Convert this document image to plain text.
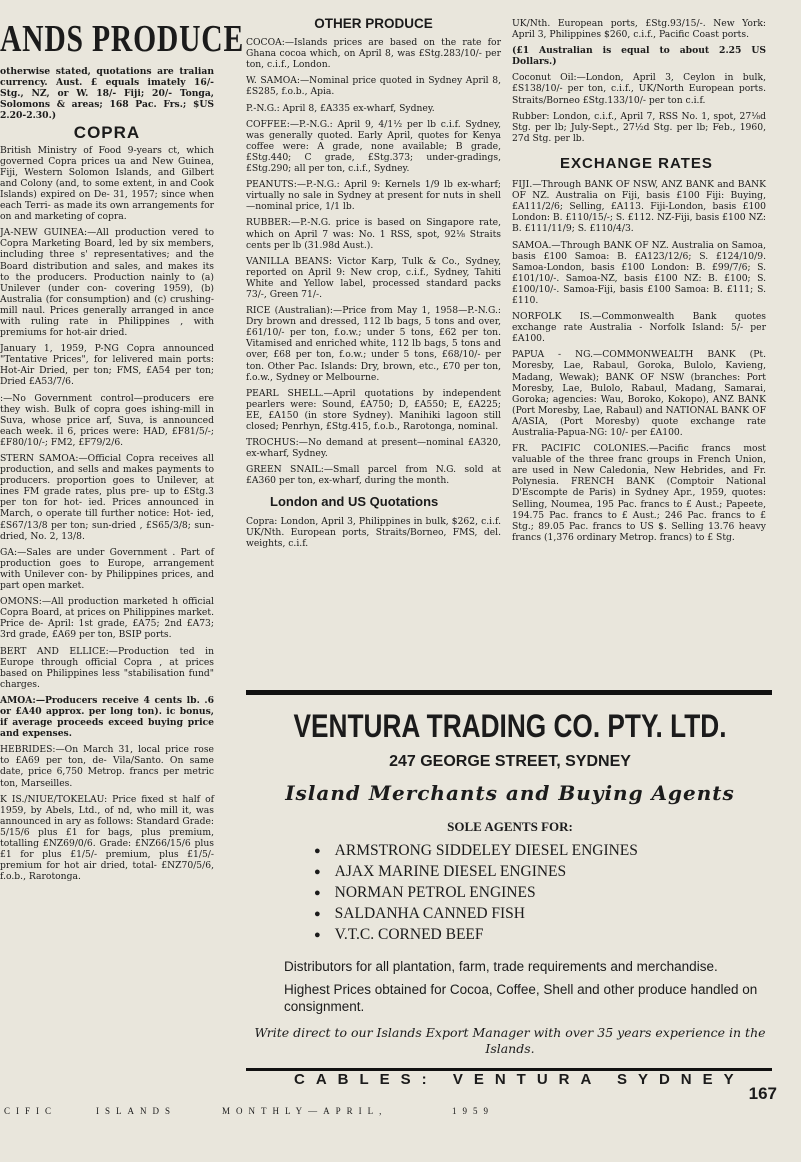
ANDS PRODUCE

otherwise stated, quotations are tralian currency. Aust. £ equals imately 16/- Stg., NZ, or W. 18/- Fiji; 20/- Tonga, Solomons & areas; 168 Pac. Frs.; $US 2.20-2.30.)

COPRA

British Ministry of Food 9-years ct, which governed Copra prices ua and New Guinea, Fiji, Western Solomon Islands, and Gilbert and Colony (and, to some extent, in and Cook Islands) expired on De- 31, 1957; since when each Terri- as made its own arrangements for on and marketing of copra.

JA-NEW GUINEA:—All production vered to Copra Marketing Board, led by six members, including three s' representatives; and the Board distribution and sales, and makes its to the producers. Production nainly to (a) Unilever (under con- covering 1959), (b) Australia (for consumption) and (c) crushing-mill naul. Prices generally arranged in ance with ruling rate in Philippines , with premiums for hot-air dried.

January 1, 1959, P-NG Copra announced "Tentative Prices", for lelivered main ports: Hot-Air Dried, per ton; FMS, £A54 per ton; Dried £A53/7/6.

:—No Government control—producers ere they wish. Bulk of copra goes ishing-mill in Suva, whose price arf, Suva, is announced each week. il 6, prices were: HAD, £F81/5/-; £F80/10/-; FM2, £F79/2/6.

STERN SAMOA:—Official Copra receives all production, and sells and makes payments to producers. proportion goes to Unilever, at ines FM grade rates, plus pre- up to £Stg.3 per ton for hot- ied. Prices announced in March, o operate till further notice: Hot- ied, £S67/13/8 per ton; sun-dried , £S65/3/8; sun-dried, No. 2, 13/8.

GA:—Sales are under Government . Part of production goes to Europe, arrangement with Unilever con- by Philippines prices, and part open market.

OMONS:—All production marketed h official Copra Board, at prices on Philippines market. Price de- April: 1st grade, £A75; 2nd £A73; 3rd grade, £A69 per ton, BSIP ports.

BERT AND ELLICE:—Production ted in Europe through official Copra , at prices based on Philippines less "stabilisation fund" charges.

AMOA:—Producers receive 4 cents lb. .6 or £A40 approx. per long ton). ic bonus, if average proceeds exceed buying price and expenses.

HEBRIDES:—On March 31, local price rose to £A69 per ton, de- Vila/Santo. On same date, price 6,750 Metrop. francs per metric ton, Marseilles.

K IS./NIUE/TOKELAU: Price fixed st half of 1959, by Abels, Ltd., of nd, who mill it, was announced in ary as follows: Standard Grade: 5/15/6 plus £1 for bags, plus premium, totalling £NZ69/0/6. Grade: £NZ66/15/6 plus £1 for plus £1/5/- premium, plus £1/5/- premium for hot air dried, total- £NZ70/5/6, f.o.b., Rarotonga.

OTHER PRODUCE

COCOA:—Islands prices are based on the rate for Ghana cocoa which, on April 8, was £Stg.283/10/- per ton, c.i.f., London.

W. SAMOA:—Nominal price quoted in Sydney April 8, £S285, f.o.b., Apia.

P.-N.G.: April 8, £A335 ex-wharf, Sydney.

COFFEE:—P.-N.G.: April 9, 4/1½ per lb c.i.f. Sydney, was generally quoted. Early April, quotes for Kenya coffee were: A grade, none available; B grade, £Stg.440; C grade, £Stg.373; under-gradings, £Stg.290; all per ton, c.i.f., Sydney.

PEANUTS:—P.-N.G.: April 9: Kernels 1/9 lb ex-wharf; virtually no sale in Sydney at present for nuts in shell—nominal price, 1/1 lb.

RUBBER:—P.-N.G. price is based on Singapore rate, which on April 7 was: No. 1 RSS, spot, 92⅛ Straits cents per lb (31.98d Aust.).

VANILLA BEANS: Victor Karp, Tulk & Co., Sydney, reported on April 9: New crop, c.i.f., Sydney, Tahiti White and Yellow label, processed standard packs 73/-, Green 71/-.

RICE (Australian):—Price from May 1, 1958—P.-N.G.: Dry brown and dressed, 112 lb bags, 5 tons and over, £61/10/- per ton, f.o.w.; under 5 tons, £62 per ton. Vitamised and enriched white, 112 lb bags, 5 tons and over, £68 per ton, f.o.w.; under 5 tons, £68/10/- per ton. Other Pac. Islands: Dry, brown, etc., £70 per ton, f.o.w., Sydney or Melbourne.

PEARL SHELL.—April quotations by independent pearlers were: Sound, £A750; D, £A550; E, £A225; EE, £A150 (in store Sydney). Manihiki lagoon still closed; Penrhyn, £Stg.415, f.o.b., Rarotonga, nominal.

TROCHUS:—No demand at present—nominal £A320, ex-wharf, Sydney.

GREEN SNAIL:—Small parcel from N.G. sold at £A360 per ton, ex-wharf, during the month.

London and US Quotations

Copra: London, April 3, Philippines in bulk, $262, c.i.f. UK/Nth. European ports, Straits/Borneo, FMS, del. weights, c.i.f.

UK/Nth. European ports, £Stg.93/15/-. New York: April 3, Philippines $260, c.i.f., Pacific Coast ports.

(£1 Australian is equal to about 2.25 US Dollars.)

Coconut Oil:—London, April 3, Ceylon in bulk, £S138/10/- per ton, c.i.f., UK/North European ports. Straits/Borneo £Stg.133/10/- per ton c.i.f.

Rubber: London, c.i.f., April 7, RSS No. 1, spot, 27⅛d Stg. per lb; July-Sept., 27½d Stg. per lb; Feb., 1960, 27d Stg. per lb.

EXCHANGE RATES

FIJI.—Through BANK OF NSW, ANZ BANK and BANK OF NZ. Australia on Fiji, basis £100 Fiji: Buying, £A111/2/6; Selling, £A113. Fiji-London, basis £100 London: B. £110/15/-; S. £112. NZ-Fiji, basis £100 NZ: B. £111/11/9; S. £110/4/3.

SAMOA.—Through BANK OF NZ. Australia on Samoa, basis £100 Samoa: B. £A123/12/6; S. £124/10/9. Samoa-London, basis £100 London: B. £99/7/6; S. £101/10/-. Samoa-NZ, basis £100 NZ: B. £100; S. £100/10/-. Samoa-Fiji, basis £100 Samoa: B. £111; S. £110.

NORFOLK IS.—Commonwealth Bank quotes exchange rate Australia - Norfolk Island: 5/- per £A100.

PAPUA - NG.—COMMONWEALTH BANK (Pt. Moresby, Lae, Rabaul, Goroka, Bulolo, Kavieng, Madang, Wewak); BANK OF NSW (branches: Port Moresby, Lae, Bulolo, Rabaul, Madang, Samarai, Goroka; agencies: Wau, Boroko, Kokopo), ANZ BANK (Port Moresby, Lae, Rabaul) and NATIONAL BANK OF A/ASIA, (Port Moresby) quote exchange rate Australia-Papua-NG: 10/- per £A100.

FR. PACIFIC COLONIES.—Pacific francs most valuable of the three franc groups in French Union, are used in New Caledonia, New Hebrides, and Fr. Polynesia. FRENCH BANK (Comptoir National D'Escompte de Paris) in Sydney Apr., 1959, quotes: Selling, Noumea, 195 Pac. francs to £ Aust.; Papeete, 194.75 Pac. francs to £ Aust.; 246 Pac. francs to £ Stg.; 89.05 Pac. francs to US $. Selling 13.76 heavy francs (1,376 ordinary Metrop. francs) to £ Stg.

VENTURA TRADING CO. PTY. LTD.
247 GEORGE STREET, SYDNEY
Island Merchants and Buying Agents
SOLE AGENTS FOR:
● ARMSTRONG SIDDELEY DIESEL ENGINES
● AJAX MARINE DIESEL ENGINES
● NORMAN PETROL ENGINES
● SALDANHA CANNED FISH
● V.T.C. CORNED BEEF
Distributors for all plantation, farm, trade requirements and merchandise.
Highest Prices obtained for Cocoa, Coffee, Shell and other produce handled on consignment.
Write direct to our Islands Export Manager with over 35 years experience in the Islands.
CABLES: VENTURA SYDNEY
CIFIC	ISLANDS	MONTHLY—APRIL,	1959
167
